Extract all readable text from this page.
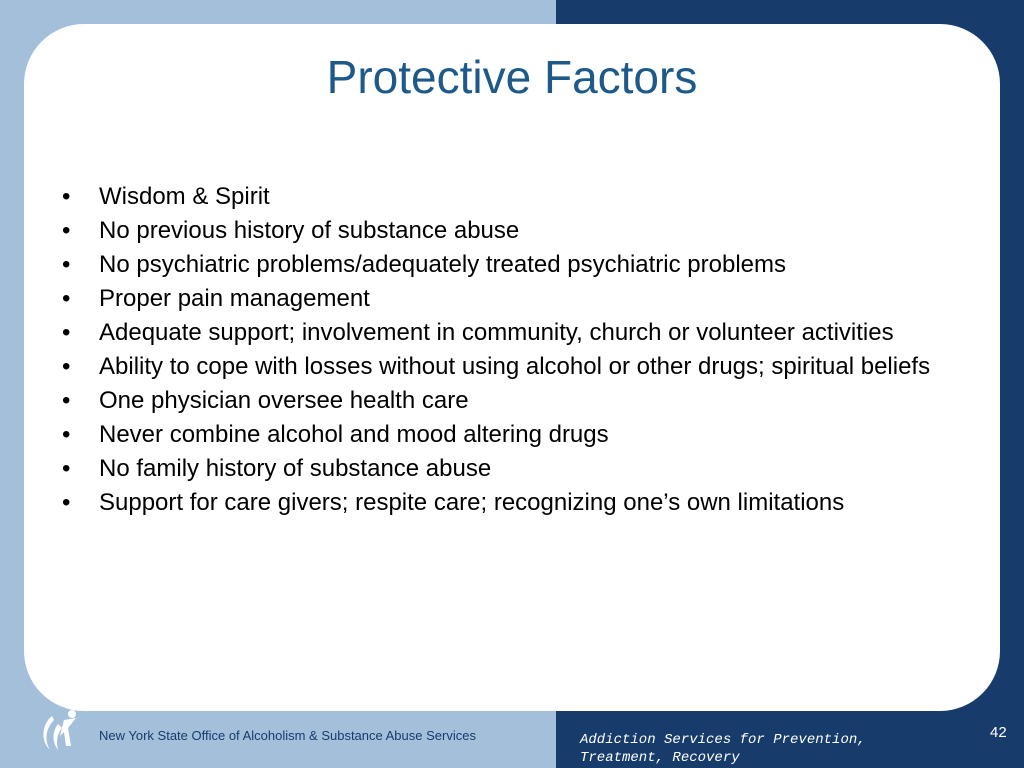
Protective Factors
• Wisdom & Spirit
• No previous history of substance abuse
• No psychiatric problems/adequately treated psychiatric problems
• Proper pain management
• Adequate support; involvement in community, church or volunteer activities
• Ability to cope with losses without using alcohol or other drugs; spiritual beliefs
• One physician oversee health care
• Never combine alcohol and mood altering drugs
• No family history of substance abuse
• Support for care givers; respite care; recognizing one’s own limitations
New York State Office of Alcoholism & Substance Abuse Services	Addiction Services for Prevention,
Treatment, Recovery
42
